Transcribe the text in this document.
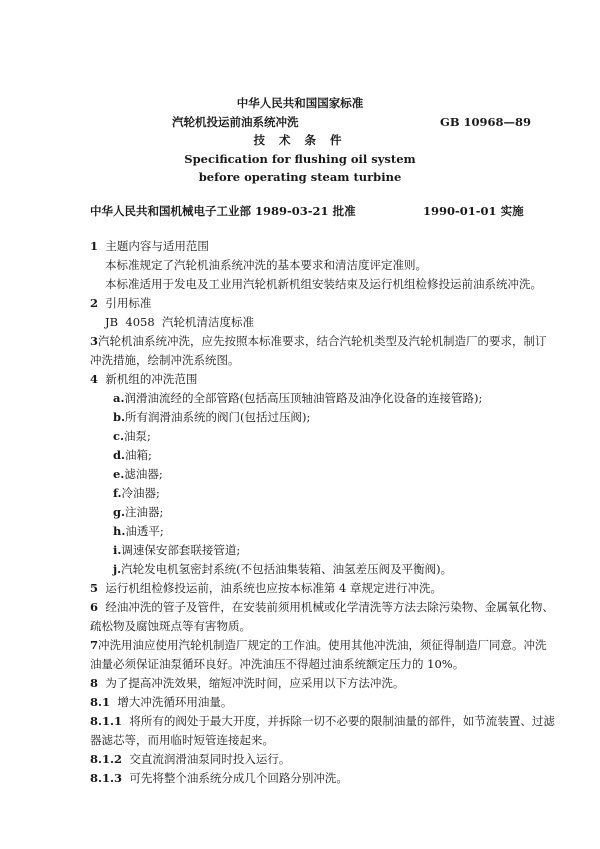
中华人民共和国国家标准
汽轮机投运前油系统冲洗	GB 10968—89
技 术 条 件
Specification for flushing oil system
before operating steam turbine
中华人民共和国机械电子工业部 1989-03-21 批准	1990-01-01 实施
1 主题内容与适用范围
本标准规定了汽轮机油系统冲洗的基本要求和清洁度评定准则。
本标准适用于发电及工业用汽轮机新机组安装结束及运行机组检修投运前油系统冲洗。
2 引用标准
JB  4058  汽轮机清洁度标准
3汽轮机油系统冲洗，应先按照本标准要求，结合汽轮机类型及汽轮机制造厂的要求，制订
冲洗措施，绘制冲洗系统图。
4 新机组的冲洗范围
a.润滑油流经的全部管路(包括高压顶轴油管路及油净化设备的连接管路);
b.所有润滑油系统的阀门(包括过压阀);
c.油泵;
d.油箱;
e.滤油器;
f.冷油器;
g.注油器;
h.油透平;
i.调速保安部套联接管道;
j.汽轮发电机氢密封系统(不包括油集装箱、油氢差压阀及平衡阀)。
5 运行机组检修投运前，油系统也应按本标准第 4 章规定进行冲洗。
6 经油冲洗的管子及管件，在安装前须用机械或化学清洗等方法去除污染物、金属氧化物、
疏松物及腐蚀斑点等有害物质。
7冲洗用油应使用汽轮机制造厂规定的工作油。使用其他冲洗油，须征得制造厂同意。冲洗
油量必须保证油泵循环良好。冲洗油压不得超过油系统额定压力的 10%。
8 为了提高冲洗效果，缩短冲洗时间，应采用以下方法冲洗。
8.1 增大冲洗循环用油量。
8.1.1 将所有的阀处于最大开度，并拆除一切不必要的限制油量的部件，如节流装置、过滤
器滤芯等，而用临时短管连接起来。
8.1.2 交直流润滑油泵同时投入运行。
8.1.3 可先将整个油系统分成几个回路分别冲洗。
